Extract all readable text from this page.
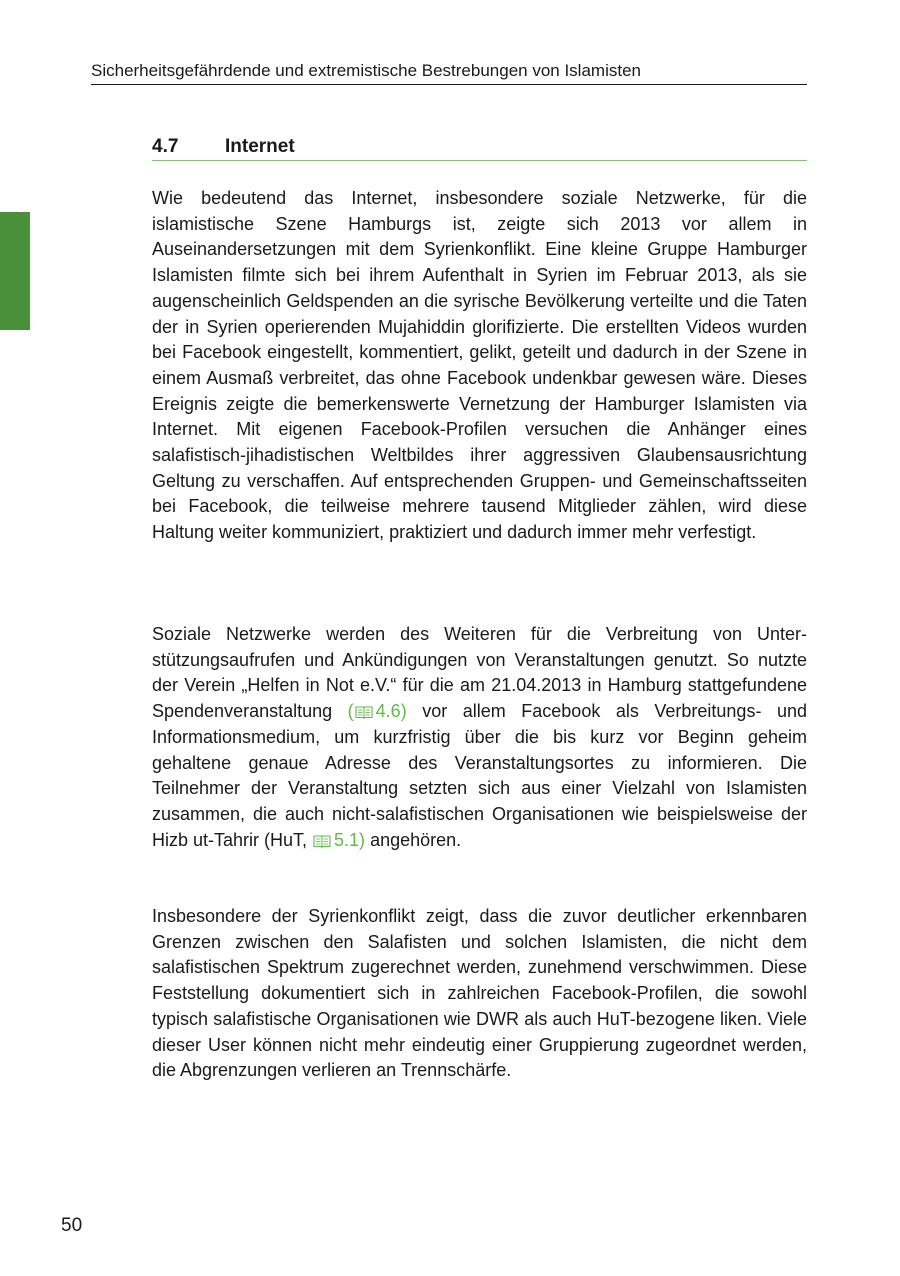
Sicherheitsgefährdende und extremistische Bestrebungen von Islamisten
4.7 Internet

Wie bedeutend das Internet, insbesondere soziale Netzwerke, für die islamistische Szene Hamburgs ist, zeigte sich 2013 vor allem in Auseinandersetzungen mit dem Syrienkonflikt. Eine kleine Gruppe Hamburger Islamisten filmte sich bei ihrem Aufenthalt in Syrien im Februar 2013, als sie augenscheinlich Geldspenden an die syrische Bevölkerung verteilte und die Taten der in Syrien operierenden Mujahiddin glorifizierte. Die erstellten Videos wurden bei Facebook eingestellt, kommentiert, gelikt, geteilt und dadurch in der Szene in einem Ausmaß verbreitet, das ohne Facebook undenkbar gewesen wäre. Dieses Ereignis zeigte die bemerkenswerte Vernetzung der Hamburger Islamisten via Internet. Mit eigenen Facebook-Profilen versuchen die Anhänger eines salafistisch-jihadistischen Weltbildes ihrer aggressiven Glaubensausrichtung Geltung zu verschaffen. Auf entsprechenden Gruppen- und Gemeinschaftsseiten bei Facebook, die teilweise mehrere tausend Mitglieder zählen, wird diese Haltung weiter kommuniziert, praktiziert und dadurch immer mehr verfestigt.

Soziale Netzwerke werden des Weiteren für die Verbreitung von Unterstützungsaufrufen und Ankündigungen von Veranstaltungen genutzt. So nutzte der Verein „Helfen in Not e.V.“ für die am 21.04.2013 in Hamburg stattgefundene Spendenveranstaltung ( 4.6) vor allem Facebook als Verbreitungs- und Informationsmedium, um kurzfristig über die bis kurz vor Beginn geheim gehaltene genaue Adresse des Veranstaltungsortes zu informieren. Die Teilnehmer der Veranstaltung setzten sich aus einer Vielzahl von Islamisten zusammen, die auch nicht-salafistischen Organisationen wie beispielsweise der Hizb ut-Tahrir (HuT, 5.1) angehören.

Insbesondere der Syrienkonflikt zeigt, dass die zuvor deutlicher erkennbaren Grenzen zwischen den Salafisten und solchen Islamisten, die nicht dem salafistischen Spektrum zugerechnet werden, zunehmend verschwimmen. Diese Feststellung dokumentiert sich in zahlreichen Facebook-Profilen, die sowohl typisch salafistische Organisationen wie DWR als auch HuT-bezogene liken. Viele dieser User können nicht mehr eindeutig einer Gruppierung zugeordnet werden, die Abgrenzungen verlieren an Trennschärfe.

50
